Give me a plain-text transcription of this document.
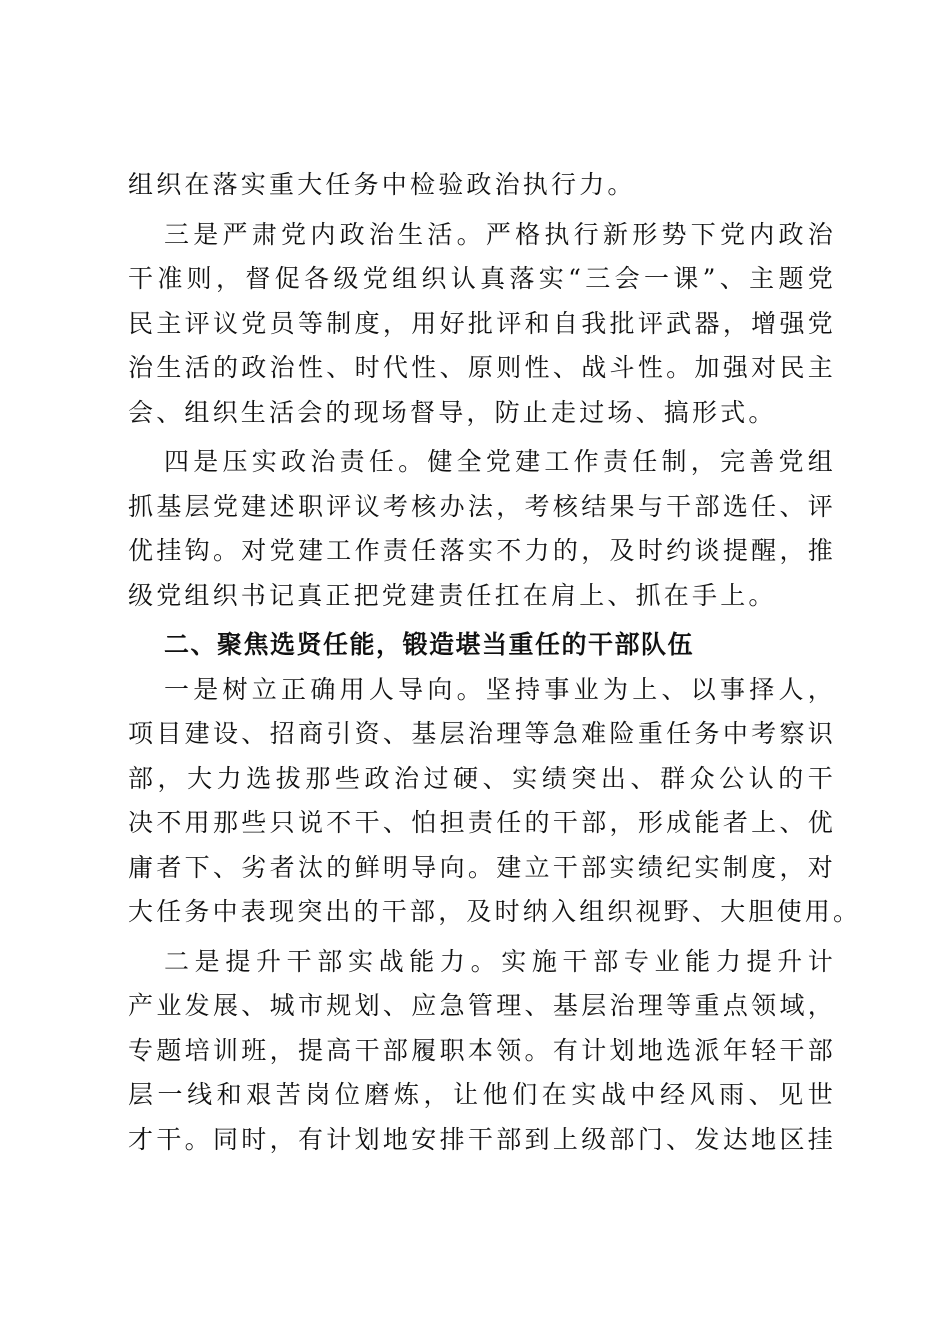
组织在落实重大任务中检验政治执行力。
三是严肃党内政治生活。严格执行新形势下党内政治
干准则，督促各级党组织认真落实“三会一课”、主题党
民主评议党员等制度，用好批评和自我批评武器，增强党
治生活的政治性、时代性、原则性、战斗性。加强对民主
会、组织生活会的现场督导，防止走过场、搞形式。
四是压实政治责任。健全党建工作责任制，完善党组
抓基层党建述职评议考核办法，考核结果与干部选任、评
优挂钩。对党建工作责任落实不力的，及时约谈提醒，推
级党组织书记真正把党建责任扛在肩上、抓在手上。
二、聚焦选贤任能，锻造堪当重任的干部队伍
一是树立正确用人导向。坚持事业为上、以事择人，
项目建设、招商引资、基层治理等急难险重任务中考察识
部，大力选拔那些政治过硬、实绩突出、群众公认的干
决不用那些只说不干、怕担责任的干部，形成能者上、优
庸者下、劣者汰的鲜明导向。建立干部实绩纪实制度，对
大任务中表现突出的干部，及时纳入组织视野、大胆使用。
二是提升干部实战能力。实施干部专业能力提升计
产业发展、城市规划、应急管理、基层治理等重点领域，
专题培训班，提高干部履职本领。有计划地选派年轻干部
层一线和艰苦岗位磨炼，让他们在实战中经风雨、见世
才干。同时，有计划地安排干部到上级部门、发达地区挂
